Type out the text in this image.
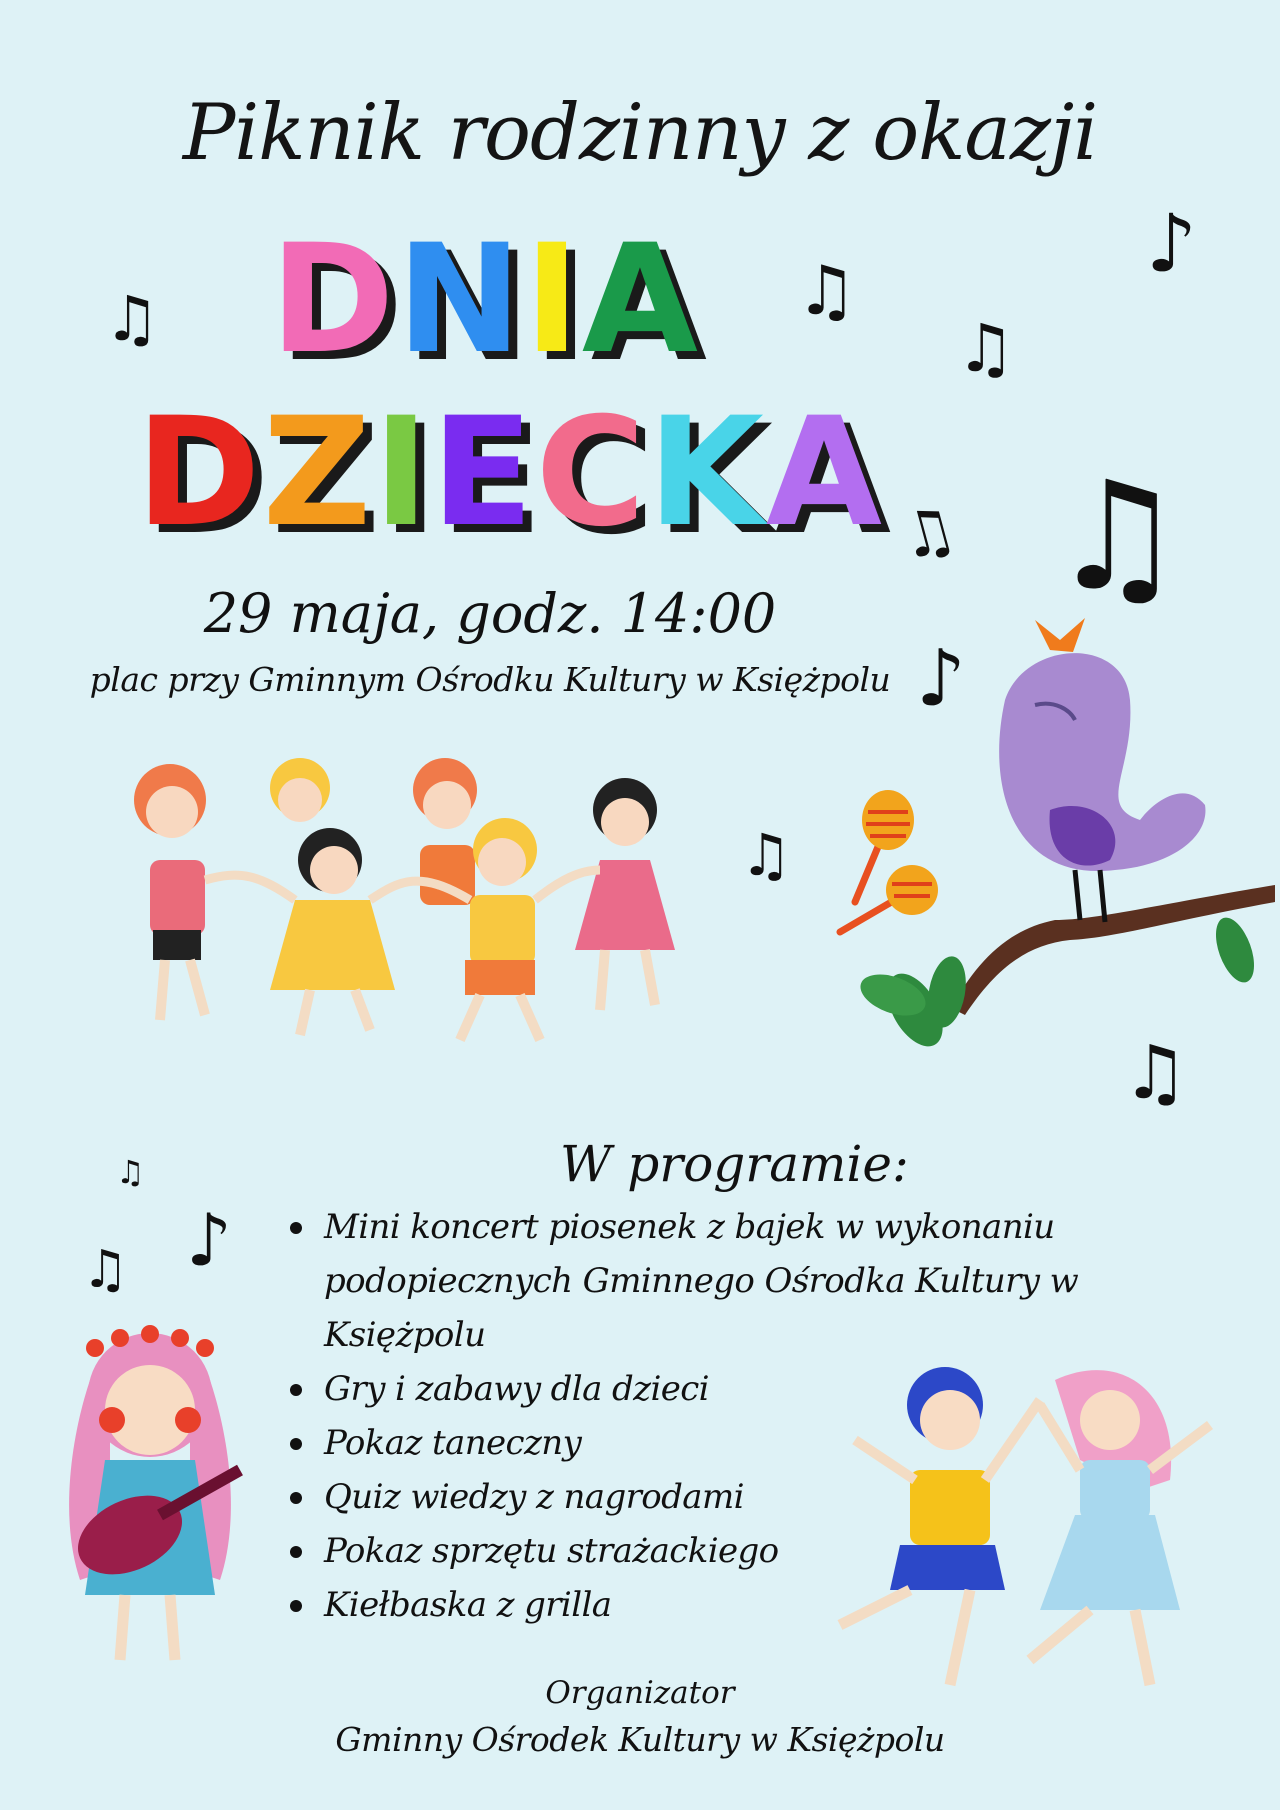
Piknik rodzinny z okazji
DNIA
DZIECKA
29 maja, godz. 14:00
plac przy Gminnym Ośrodku Kultury w Księżpolu
♫	♫
♫
♪
♫ ♫
♪
♫
♫
♫
♫ ♪
W programie:
Mini koncert piosenek z bajek w wykonaniu podopiecznych Gminnego Ośrodka Kultury w Księżpolu
Gry i zabawy dla dzieci
Pokaz taneczny
Quiz wiedzy z nagrodami
Pokaz sprzętu strażackiego
Kiełbaska z grilla
Organizator
Gminny Ośrodek Kultury w Księżpolu
